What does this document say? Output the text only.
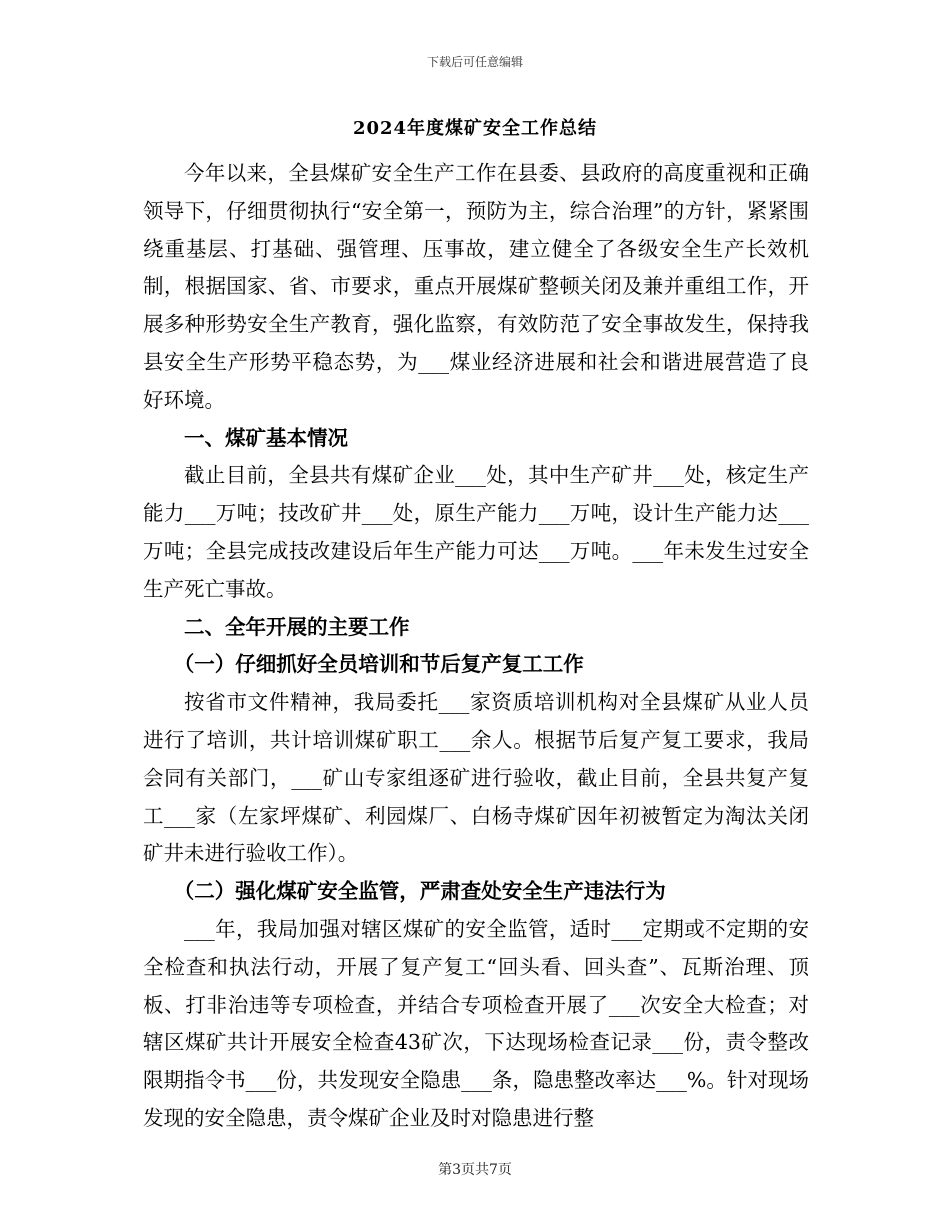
下载后可任意编辑
2024年度煤矿安全工作总结

今年以来，全县煤矿安全生产工作在县委、县政府的高度重视和正确领导下，仔细贯彻执行“安全第一，预防为主，综合治理”的方针，紧紧围绕重基层、打基础、强管理、压事故，建立健全了各级安全生产长效机制，根据国家、省、市要求，重点开展煤矿整顿关闭及兼并重组工作，开展多种形势安全生产教育，强化监察，有效防范了安全事故发生，保持我县安全生产形势平稳态势，为___煤业经济进展和社会和谐进展营造了良好环境。

一、煤矿基本情况

截止目前，全县共有煤矿企业___处，其中生产矿井___处，核定生产能力___万吨；技改矿井___处，原生产能力___万吨，设计生产能力达___万吨；全县完成技改建设后年生产能力可达___万吨。___年未发生过安全生产死亡事故。

二、全年开展的主要工作

（一）仔细抓好全员培训和节后复产复工工作

按省市文件精神，我局委托___家资质培训机构对全县煤矿从业人员进行了培训，共计培训煤矿职工___余人。根据节后复产复工要求，我局会同有关部门，___矿山专家组逐矿进行验收，截止目前，全县共复产复工___家（左家坪煤矿、利园煤厂、白杨寺煤矿因年初被暂定为淘汰关闭矿井未进行验收工作）。

（二）强化煤矿安全监管，严肃查处安全生产违法行为

___年，我局加强对辖区煤矿的安全监管，适时___定期或不定期的安全检查和执法行动，开展了复产复工“回头看、回头查”、瓦斯治理、顶板、打非治违等专项检查，并结合专项检查开展了___次安全大检查；对辖区煤矿共计开展安全检查43矿次，下达现场检查记录___份，责令整改限期指令书___份，共发现安全隐患___条，隐患整改率达___%。针对现场发现的安全隐患，责令煤矿企业及时对隐患进行整

第3页共7页
